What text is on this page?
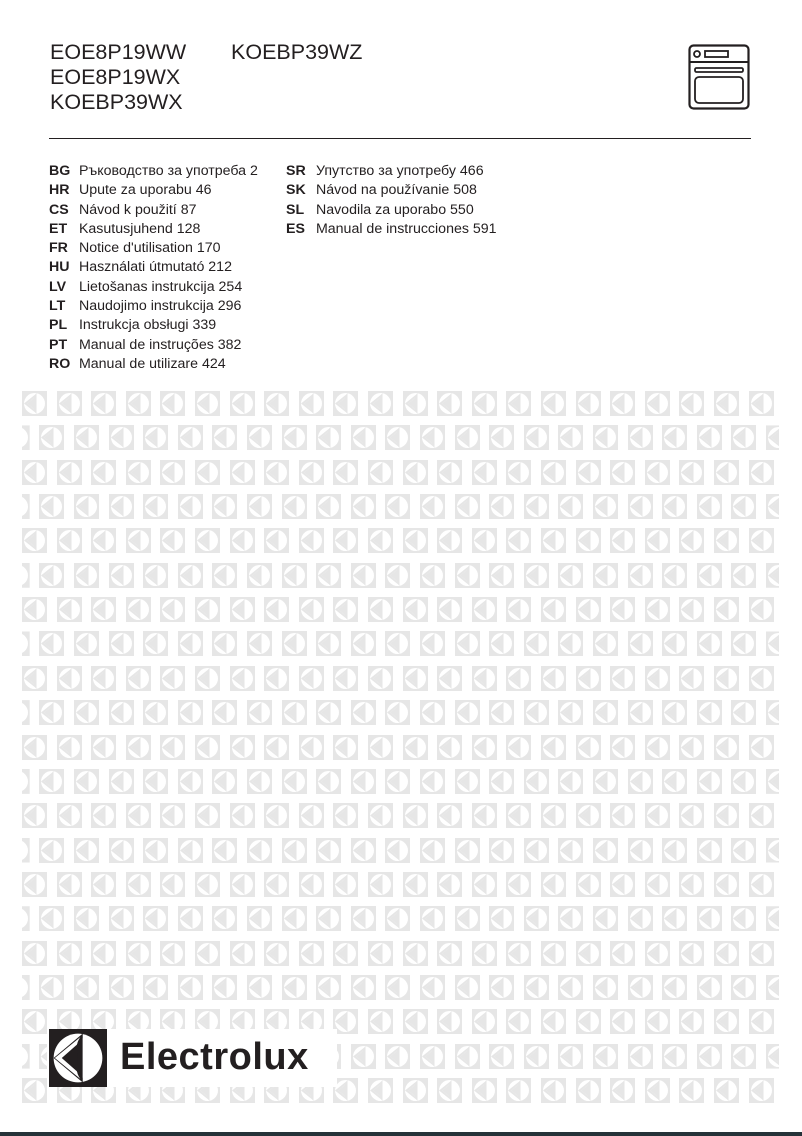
EOE8P19WW KOEBP39WZ
EOE8P19WX
KOEBP39WX
BG Ръководство за употреба 2
HR Upute za uporabu 46
CS Návod k použití 87
ET Kasutusjuhend 128
FR Notice d'utilisation 170
HU Használati útmutató 212
LV Lietošanas instrukcija 254
LT Naudojimo instrukcija 296
PL Instrukcja obsługi 339
PT Manual de instruções 382
RO Manual de utilizare 424
SR Упутство за употребу 466
SK Návod na používanie 508
SL Navodila za uporabo 550
ES Manual de instrucciones 591
Electrolux
